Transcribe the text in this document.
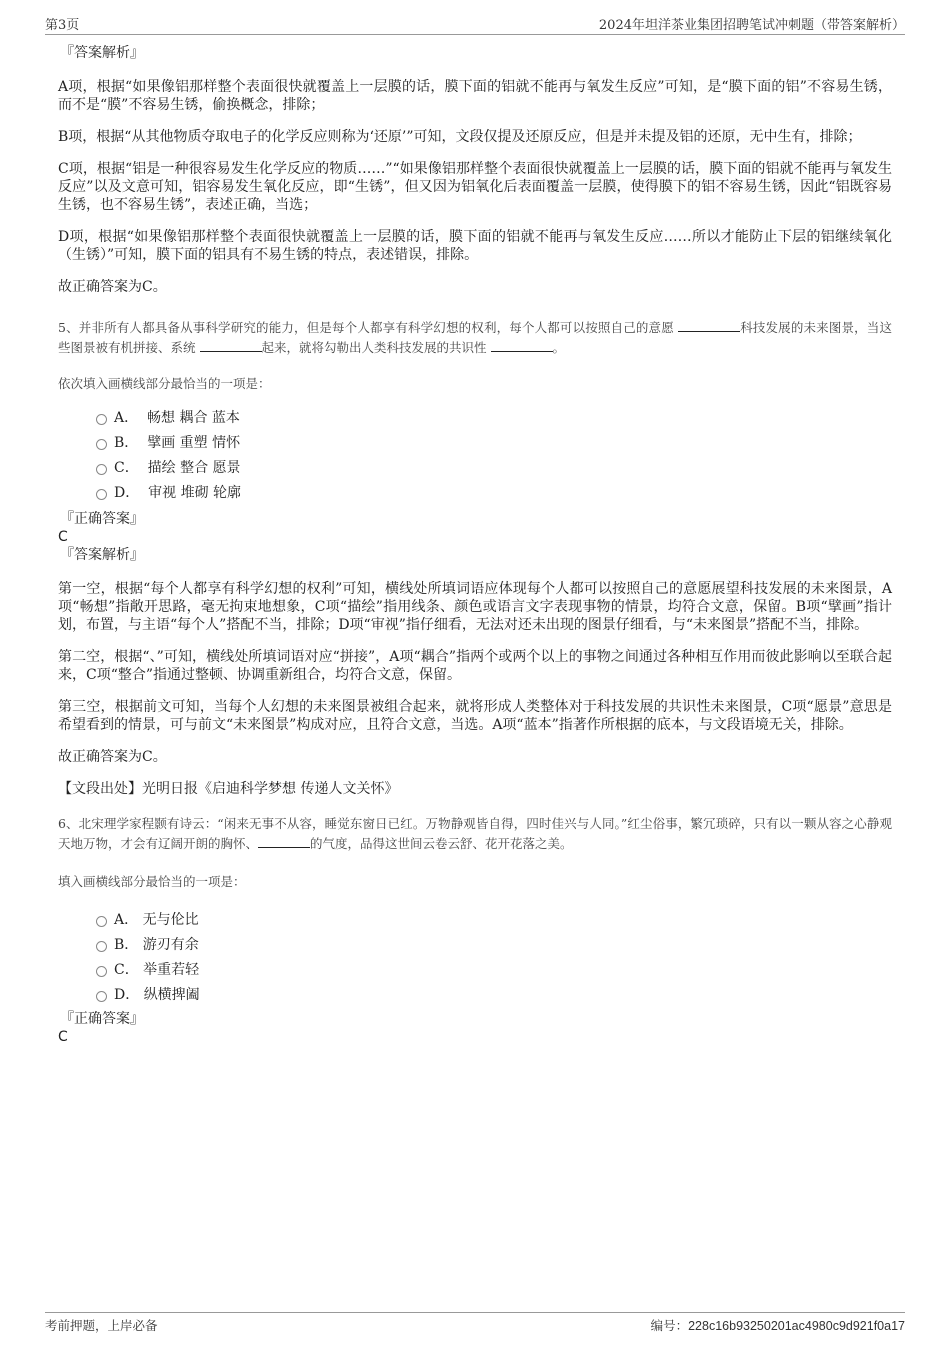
第3页	2024年坦洋茶业集团招聘笔试冲刺题（带答案解析）
『答案解析』

A项，根据“如果像铝那样整个表面很快就覆盖上一层膜的话，膜下面的铝就不能再与氧发生反应”可知，是“膜下面的铝”不容易生锈，而不是“膜”不容易生锈，偷换概念，排除；

B项，根据“从其他物质夺取电子的化学反应则称为‘还原’”可知，文段仅提及还原反应，但是并未提及铝的还原，无中生有，排除；

C项，根据“铝是一种很容易发生化学反应的物质……”“如果像铝那样整个表面很快就覆盖上一层膜的话，膜下面的铝就不能再与氧发生反应”以及文意可知，铝容易发生氧化反应，即“生锈”，但又因为铝氧化后表面覆盖一层膜，使得膜下的铝不容易生锈，因此“铝既容易生锈，也不容易生锈”，表述正确，当选；

D项，根据“如果像铝那样整个表面很快就覆盖上一层膜的话，膜下面的铝就不能再与氧发生反应……所以才能防止下层的铝继续氧化（生锈）”可知，膜下面的铝具有不易生锈的特点，表述错误，排除。

故正确答案为C。

5、并非所有人都具备从事科学研究的能力，但是每个人都享有科学幻想的权利，每个人都可以按照自己的意愿	科技发展的未来图景，当这些图景被有机拼接、系统	起来，就将勾勒出人类科技发展的共识性	。

依次填入画横线部分最恰当的一项是：

A． 畅想 耦合 蓝本
B． 擘画 重塑 情怀
C． 描绘 整合 愿景
D． 审视 堆砌 轮廓
『正确答案』
C
『答案解析』

第一空，根据“每个人都享有科学幻想的权利”可知，横线处所填词语应体现每个人都可以按照自己的意愿展望科技发展的未来图景，A项“畅想”指敞开思路，毫无拘束地想象，C项“描绘”指用线条、颜色或语言文字表现事物的情景，均符合文意，保留。B项“擘画”指计划，布置，与主语“每个人”搭配不当，排除；D项“审视”指仔细看，无法对还未出现的图景仔细看，与“未来图景”搭配不当，排除。

第二空，根据“、”可知，横线处所填词语对应“拼接”，A项“耦合”指两个或两个以上的事物之间通过各种相互作用而彼此影响以至联合起来，C项“整合”指通过整顿、协调重新组合，均符合文意，保留。

第三空，根据前文可知，当每个人幻想的未来图景被组合起来，就将形成人类整体对于科技发展的共识性未来图景，C项“愿景”意思是希望看到的情景，可与前文“未来图景”构成对应，且符合文意，当选。A项“蓝本”指著作所根据的底本，与文段语境无关，排除。

故正确答案为C。

【文段出处】光明日报《启迪科学梦想 传递人文关怀》

6、北宋理学家程颢有诗云：“闲来无事不从容，睡觉东窗日已红。万物静观皆自得，四时佳兴与人同。”红尘俗事，繁冗琐碎，只有以一颗从容之心静观天地万物，才会有辽阔开朗的胸怀、	的气度，品得这世间云卷云舒、花开花落之美。

填入画横线部分最恰当的一项是：

A． 无与伦比
B． 游刃有余
C． 举重若轻
D． 纵横捭阖
『正确答案』
C
考前押题，上岸必备	编号：228c16b93250201ac4980c9d921f0a17
